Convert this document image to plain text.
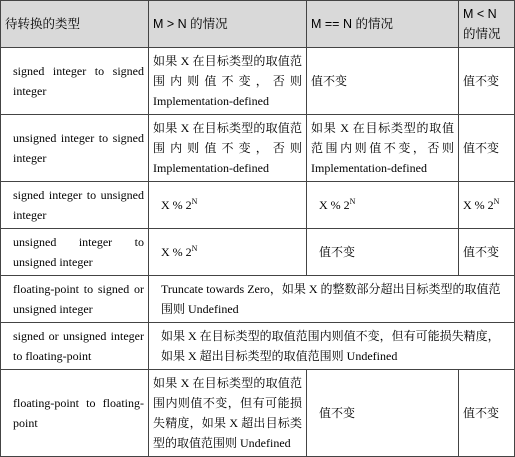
待转换的类型	M > N 的情况	M == N 的情况	M < N 的情况
signed integer to signed integer	如果 X 在目标类型的取值范围内则值不变，否则 Implementation-defined	值不变	值不变
unsigned integer to signed integer	如果 X 在目标类型的取值范围内则值不变，否则 Implementation-defined	如果 X 在目标类型的取值范围内则值不变，否则 Implementation-defined	值不变
signed integer to unsigned integer	X % $2^N$	X % $2^N$	X % $2^N$
unsigned integer to unsigned integer	X % $2^N$	值不变	值不变
floating-point to signed or unsigned integer	Truncate towards Zero，如果 X 的整数部分超出目标类型的取值范围则 Undefined		
signed or unsigned integer to floating-point	如果 X 在目标类型的取值范围内则值不变，但有可能损失精度，如果 X 超出目标类型的取值范围则 Undefined		
floating-point to floating-point	如果 X 在目标类型的取值范围内则值不变，但有可能损失精度，如果 X 超出目标类型的取值范围则 Undefined	值不变	值不变
